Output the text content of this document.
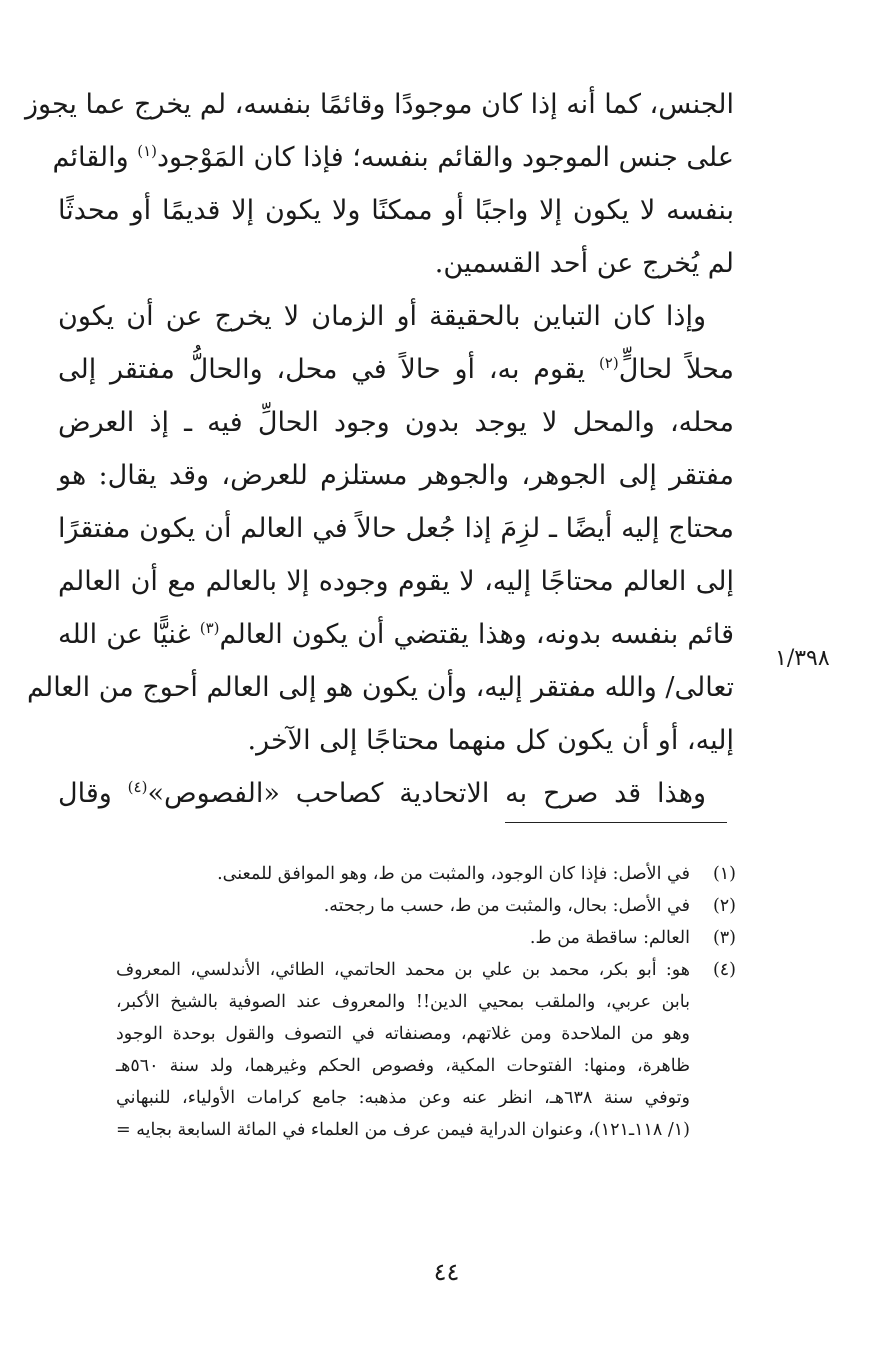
الجنس، كما أنه إذا كان موجودًا وقائمًا بنفسه، لم يخرج عما يجوز
على جنس الموجود والقائم بنفسه؛ فإذا كان المَوْجود$^{(١)}$ والقائم
بنفسه لا يكون إلا واجبًا أو ممكنًا ولا يكون إلا قديمًا أو محدثًا
لم يُخرج عن أحد القسمين.

وإذا كان التباين بالحقيقة أو الزمان لا يخرج عن أن يكون
محلاً لحالٍّ$^{(٢)}$ يقوم به، أو حالاً في محل، والحالُّ مفتقر إلى
محله، والمحل لا يوجد بدون وجود الحالِّ فيه ـ إذ العرض
مفتقر إلى الجوهر، والجوهر مستلزم للعرض، وقد يقال: هو
محتاج إليه أيضًا ـ لزِمَ إذا جُعل حالاً في العالم أن يكون مفتقرًا
إلى العالم محتاجًا إليه، لا يقوم وجوده إلا بالعالم مع أن العالم
قائم بنفسه بدونه، وهذا يقتضي أن يكون العالم$^{(٣)}$ غنيًّا عن الله
تعالى/ والله مفتقر إليه، وأن يكون هو إلى العالم أحوج من العالم
إليه، أو أن يكون كل منهما محتاجًا إلى الآخر.

وهذا قد صرح به الاتحادية كصاحب «الفصوص»$^{(٤)}$ وقال

١/٣٩٨
(١)
في الأصل: فإذا كان الوجود، والمثبت من ط، وهو الموافق للمعنى.
(٢)
في الأصل: بحال، والمثبت من ط، حسب ما رجحته.
(٣)
العالم: ساقطة من ط.
(٤)
هو: أبو بكر، محمد بن علي بن محمد الحاتمي، الطائي، الأندلسي، المعروف
بابن عربي، والملقب بمحيي الدين!! والمعروف عند الصوفية بالشيخ الأكبر،
وهو من الملاحدة ومن غلاتهم، ومصنفاته في التصوف والقول بوحدة الوجود
ظاهرة، ومنها: الفتوحات المكية، وفصوص الحكم وغيرهما، ولد سنة ٥٦٠هـ
وتوفي سنة ٦٣٨هـ، انظر عنه وعن مذهبه: جامع كرامات الأولياء، للنبهاني
(١/ ١١٨ـ١٢١)، وعنوان الدراية فيمن عرف من العلماء في المائة السابعة بجايه =
٤٤
